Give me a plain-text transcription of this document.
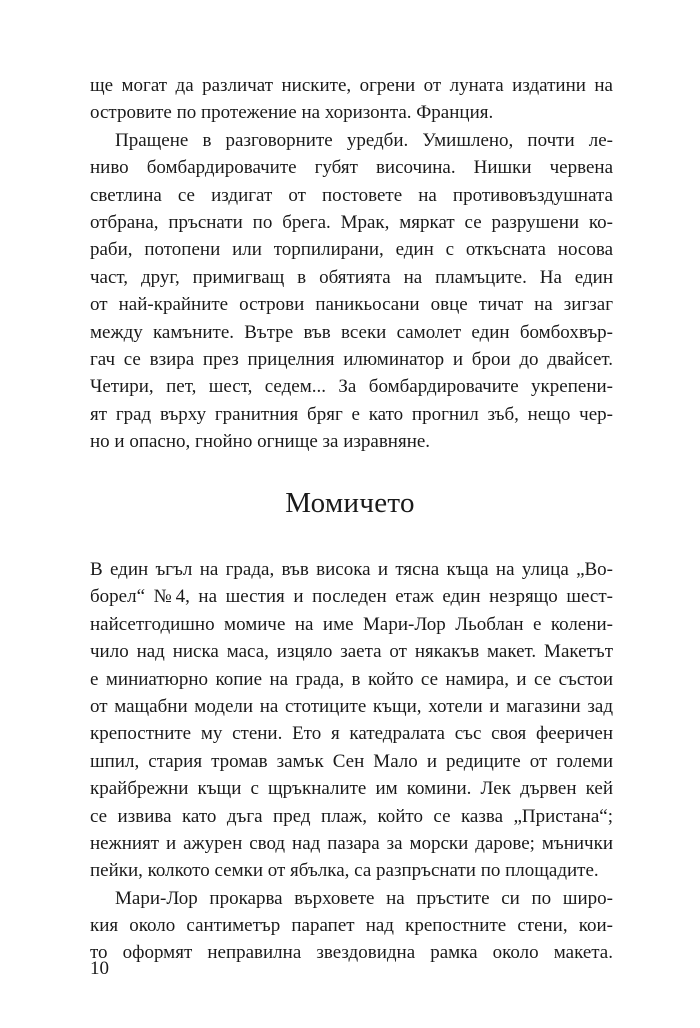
ще могат да различат ниските, огрени от луната издатини на
островите по протежение на хоризонта. Франция.

Пращене в разговорните уредби. Умишлено, почти ле-
ниво бомбардировачите губят височина. Нишки червена
светлина се издигат от постовете на противовъздушната
отбрана, пръснати по брега. Мрак, мяркат се разрушени ко-
раби, потопени или торпилирани, един с откъсната носова
част, друг, примигващ в обятията на пламъците. На един
от най-крайните острови паникьосани овце тичат на зигзаг
между камъните. Вътре във всеки самолет един бомбохвър-
гач се взира през прицелния илюминатор и брои до двайсет.
Четири, пет, шест, седем... За бомбардировачите укрепени-
ят град върху гранитния бряг е като прогнил зъб, нещо чер-
но и опасно, гнойно огнище за изравняне.

Момичето

В един ъгъл на града, във висока и тясна къща на улица „Во-
борел“ №4, на шестия и последен етаж един незрящо шест-
найсетгодишно момиче на име Мари-Лор Льоблан е колени-
чило над ниска маса, изцяло заета от някакъв макет. Макетът
е миниатюрно копие на града, в който се намира, и се състои
от мащабни модели на стотиците къщи, хотели и магазини зад
крепостните му стени. Ето я катедралата със своя фееричен
шпил, стария тромав замък Сен Мало и редиците от големи
крайбрежни къщи с щръкналите им комини. Лек дървен кей
се извива като дъга пред плаж, който се казва „Пристана“;
нежният и ажурен свод над пазара за морски дарове; мънички
пейки, колкото семки от ябълка, са разпръснати по площадите.

Мари-Лор прокарва върховете на пръстите си по широ-
кия около сантиметър парапет над крепостните стени, кои-
то оформят неправилна звездовидна рамка около макета.

10
